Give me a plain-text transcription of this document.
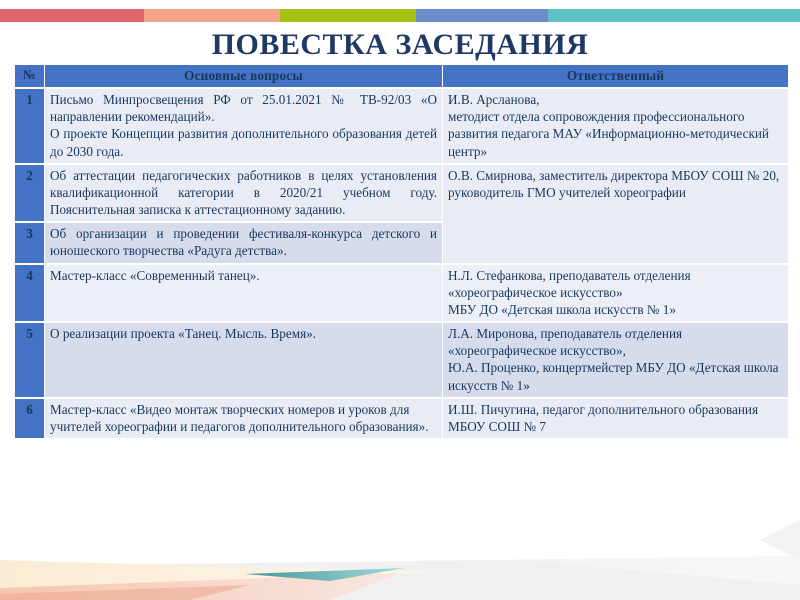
ПОВЕСТКА ЗАСЕДАНИЯ
№	Основные вопросы	Ответственный
1	Письмо Минпросвещения РФ от 25.01.2021 № ТВ-92/03 «О направлении рекомендаций».
О проекте Концепции развития дополнительного образования детей до 2030 года.	И.В. Арсланова,
методист отдела сопровождения профессионального развития педагога МАУ «Информационно-методический центр»

2	Об аттестации педагогических работников в целях установления квалификационной категории в 2020/21 учебном году. Пояснительная записка к аттестационному заданию.	О.В. Смирнова, заместитель директора МБОУ СОШ № 20, руководитель ГМО учителей хореографии

3	Об организации и проведении фестиваля-конкурса детского и юношеского творчества «Радуга детства».	

4	Мастер-класс «Современный танец».	Н.Л. Стефанкова, преподаватель отделения «хореографическое искусство»
МБУ ДО «Детская школа искусств № 1»

5	О реализации проекта «Танец. Мысль. Время».	Л.А. Миронова, преподаватель отделения «хореографическое искусство»,
Ю.А. Проценко, концертмейстер МБУ ДО «Детская школа искусств № 1»

6	Мастер-класс «Видео монтаж творческих номеров и уроков для учителей хореографии и педагогов дополнительного образования».	И.Ш. Пичугина, педагог дополнительного образования МБОУ СОШ № 7
